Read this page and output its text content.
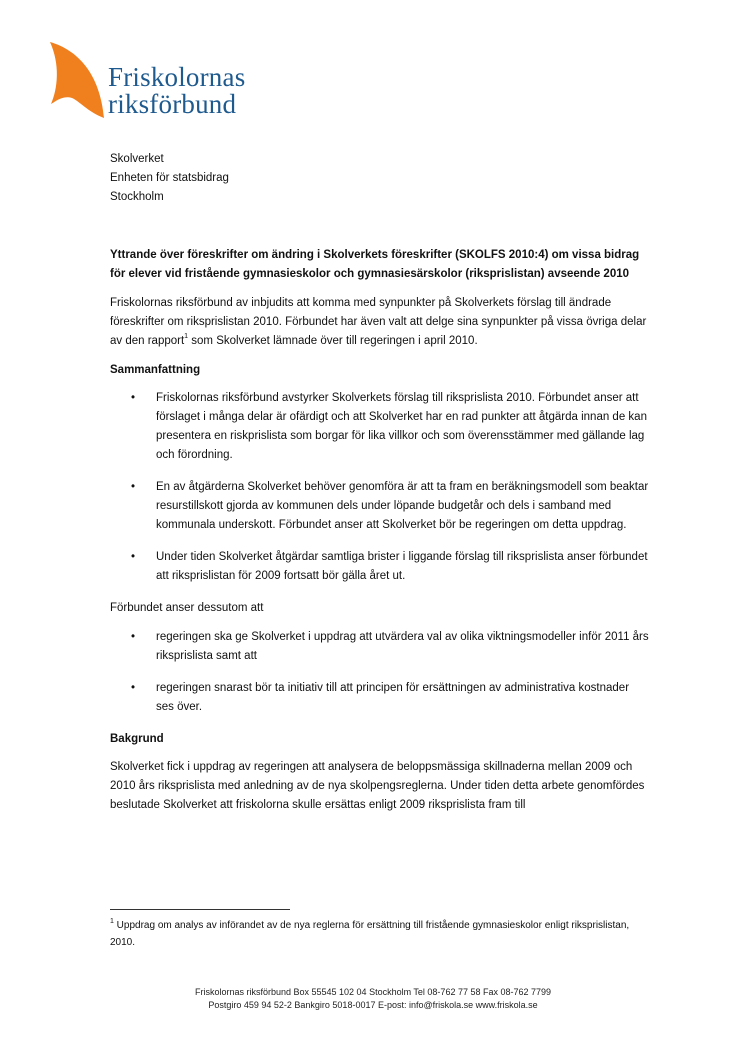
Friskolornas
riksförbund
Skolverket
Enheten för statsbidrag
Stockholm
Yttrande över föreskrifter om ändring i Skolverkets föreskrifter (SKOLFS 2010:4) om vissa bidrag för elever vid fristående gymnasieskolor och gymnasiesärskolor (riksprislistan) avseende 2010

Friskolornas riksförbund av inbjudits att komma med synpunkter på Skolverkets förslag till ändrade föreskrifter om riksprislistan 2010. Förbundet har även valt att delge sina synpunkter på vissa övriga delar av den rapport$^1$ som Skolverket lämnade över till regeringen i april 2010.

Sammanfattning
• Friskolornas riksförbund avstyrker Skolverkets förslag till riksprislista 2010. Förbundet anser att förslaget i många delar är ofärdigt och att Skolverket har en rad punkter att åtgärda innan de kan presentera en riskprislista som borgar för lika villkor och som överensstämmer med gällande lag och förordning.
• En av åtgärderna Skolverket behöver genomföra är att ta fram en beräkningsmodell som beaktar resurstillskott gjorda av kommunen dels under löpande budgetår och dels i samband med kommunala underskott. Förbundet anser att Skolverket bör be regeringen om detta uppdrag.
• Under tiden Skolverket åtgärdar samtliga brister i liggande förslag till riksprislista anser förbundet att riksprislistan för 2009 fortsatt bör gälla året ut.

Förbundet anser dessutom att

• regeringen ska ge Skolverket i uppdrag att utvärdera val av olika viktningsmodeller inför 2011 års riksprislista samt att
• regeringen snarast bör ta initiativ till att principen för ersättningen av administrativa kostnader ses över.
Bakgrund

Skolverket fick i uppdrag av regeringen att analysera de beloppsmässiga skillnaderna mellan 2009 och 2010 års riksprislista med anledning av de nya skolpengsreglerna. Under tiden detta arbete genomfördes beslutade Skolverket att friskolorna skulle ersättas enligt 2009 riksprislista fram till

$^1$ Uppdrag om analys av införandet av de nya reglerna för ersättning till fristående gymnasieskolor enligt riksprislistan, 2010.
Friskolornas riksförbund Box 55545 102 04 Stockholm Tel 08-762 77 58 Fax 08-762 7799
Postgiro 459 94 52-2 Bankgiro 5018-0017 E-post: info@friskola.se www.friskola.se
